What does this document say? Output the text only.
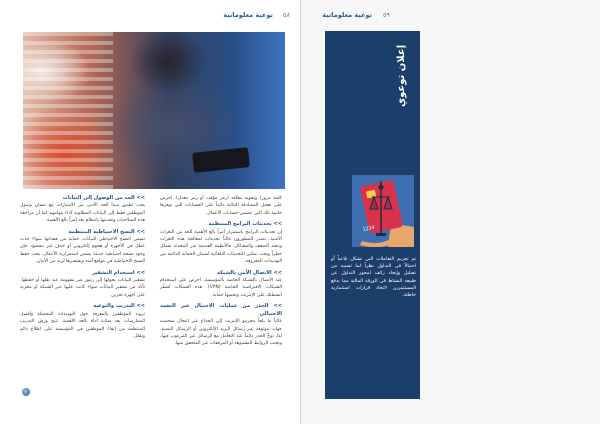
٥٨
توعية معلوماتية
>> الحد من الوصول إلى البيانات
يجب تطبيق مبدأ الحد الأدنى من الامتيازات مع ضمان وصول الموظفين فقط إلى البيانات المطلوبة لأداء مهامهم كما أن مراجعة هذه الصلاحيات وتحديثها بانتظام يعد أمراً بالغ الأهمية.
>> النسخ الاحتياطية المنتظمة
تضمن النسخ الاحتياطي للبيانات حماية من فقدانها سواء حدث عطل في الأجهزة أو هجوم إلكتروني أو حذف غير مقصود. فإن وجود نسخة احتياطية حديثة يضمن استمرارية الأعمال. يجب حفظ النسخ الاحتياطية في مواقع آمنة وتشفيرها لزيد من الأمان.
>> استخدام التشفير
تشفير البيانات يحولها إلى رموز غير مفهومة عند نقلها أو حفظها. تأكد من تشفير البيانات سواء كانت عليها عبر الشبكة أو مخزنة على أجهزة تخزين.
>> التدريب والتوعية
تزويد الموظفين بالمعرفة حول التهديدات المحتملة وأفضل الممارسات يعد بمثابة أداة بالغة الأهمية. تتيح ورش التدريب المنتظمة من إبقاء الموظفين في المؤسسة على اطلاع دائم وتقلل.
كلمة مرور) وتحويه بطاقة (رمز مؤقت أو رمز معدل). احرص على تفعيل المصادقة الثنائية دائماً على الحسابات التي توفرها خاصة تلك التي تتضمن حسابات الأعمال.
>> تحديثات البرامج المنتظمة
إن تحديثات البرامج باستمرار أمراً بالغ الأهمية للحد من الثغرات الأمنية. تصدر المطورون غالباً تحديثات لمعالجة هذه الثغرات وتنفيذ الضعف والمشاكل. فالأنظمة القديمة غير المحدثة تشكل خطراً ويجب تمكين التحديثات التلقائية لضمان الحماية الدائمة من التهديدات المعروفة.
>> الاتصال الآمن بالشبكة
عند الاتصال بالشبكة الخاصة بالمؤسسة، احرص على استخدام الشبكات الافتراضية الخاصة (VPN). هذه الشبكات تُشفّر أنشطتك على الإنترنت وتحميها حماية.
>> الحذر من عمليات الاحتيال عبر التصيد الاحتيالي
غالباً ما يلجأ مجرمو الإنترنت إلى الخداع عبر انتحال شخصية جهات موثوقة عبر رسائل البريد الإلكتروني أو الرسائل النصية. لذا، توخّ الحذر دائماً عند التعامل مع الرسائل غير المرغوب فيها، وتجنب الروابط المشبوهة أو المرفقات غير المتحقق منها.
توعية معلوماتية ٥٩
إعلان توعوي
1234
تم تجريم التعاملات التي تشكل تلاعباً أو احتيالاً في التداول نظراً لما تسببه من تضليل وإيجاد زائف لمحور التداول عن طبيعة النشاط في الورقة المالية مما يدفع المستثمرين لاتخاذ قرارات استثمارية خاطئة.
